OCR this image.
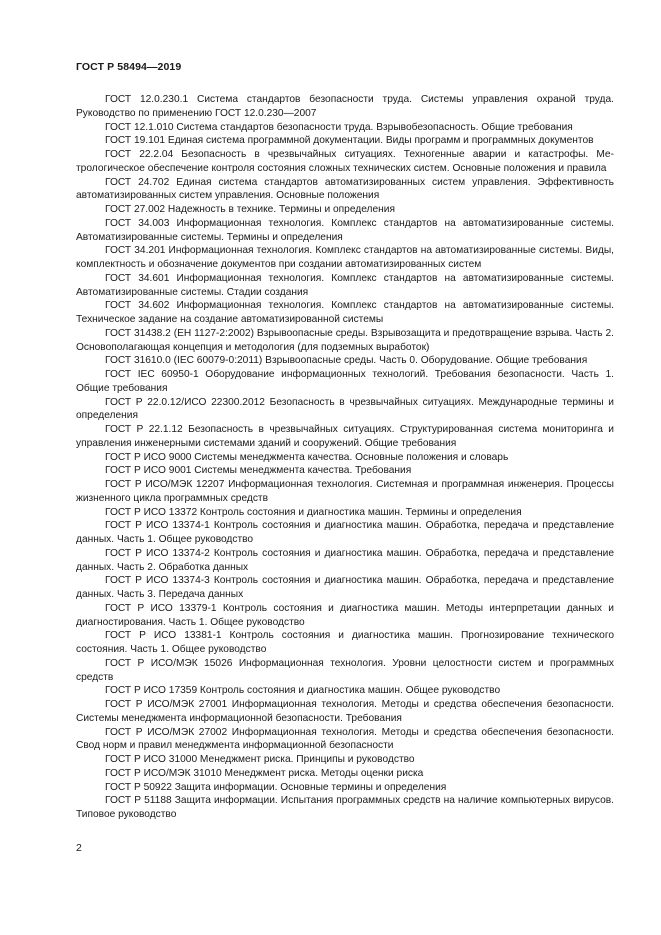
ГОСТ Р 58494—2019

ГОСТ 12.0.230.1 Система стандартов безопасности труда. Системы управления охраной труда. Руководство по применению ГОСТ 12.0.230—2007

ГОСТ 12.1.010 Система стандартов безопасности труда. Взрывобезопасность. Общие требования

ГОСТ 19.101 Единая система программной документации. Виды программ и программных документов

ГОСТ 22.2.04 Безопасность в чрезвычайных ситуациях. Техногенные аварии и катастрофы. Метрологическое обеспечение контроля состояния сложных технических систем. Основные положения и правила

ГОСТ 24.702 Единая система стандартов автоматизированных систем управления. Эффективность автоматизированных систем управления. Основные положения

ГОСТ 27.002 Надежность в технике. Термины и определения

ГОСТ 34.003 Информационная технология. Комплекс стандартов на автоматизированные системы. Автоматизированные системы. Термины и определения

ГОСТ 34.201 Информационная технология. Комплекс стандартов на автоматизированные системы. Виды, комплектность и обозначение документов при создании автоматизированных систем

ГОСТ 34.601 Информационная технология. Комплекс стандартов на автоматизированные системы. Автоматизированные системы. Стадии создания

ГОСТ 34.602 Информационная технология. Комплекс стандартов на автоматизированные системы. Техническое задание на создание автоматизированной системы

ГОСТ 31438.2 (EH 1127-2:2002) Взрывоопасные среды. Взрывозащита и предотвращение взрыва. Часть 2. Основополагающая концепция и методология (для подземных выработок)

ГОСТ 31610.0 (IEC 60079-0:2011) Взрывоопасные среды. Часть 0. Оборудование. Общие требования

ГОСТ IEC 60950-1 Оборудование информационных технологий. Требования безопасности. Часть 1. Общие требования

ГОСТ Р 22.0.12/ИСО 22300.2012 Безопасность в чрезвычайных ситуациях. Международные термины и определения

ГОСТ Р 22.1.12 Безопасность в чрезвычайных ситуациях. Структурированная система мониторинга и управления инженерными системами зданий и сооружений. Общие требования

ГОСТ Р ИСО 9000 Системы менеджмента качества. Основные положения и словарь

ГОСТ Р ИСО 9001 Системы менеджмента качества. Требования

ГОСТ Р ИСО/МЭК 12207 Информационная технология. Системная и программная инженерия. Процессы жизненного цикла программных средств

ГОСТ Р ИСО 13372 Контроль состояния и диагностика машин. Термины и определения

ГОСТ Р ИСО 13374-1 Контроль состояния и диагностика машин. Обработка, передача и представление данных. Часть 1. Общее руководство

ГОСТ Р ИСО 13374-2 Контроль состояния и диагностика машин. Обработка, передача и представление данных. Часть 2. Обработка данных

ГОСТ Р ИСО 13374-3 Контроль состояния и диагностика машин. Обработка, передача и представление данных. Часть 3. Передача данных

ГОСТ Р ИСО 13379-1 Контроль состояния и диагностика машин. Методы интерпретации данных и диагностирования. Часть 1. Общее руководство

ГОСТ Р ИСО 13381-1 Контроль состояния и диагностика машин. Прогнозирование технического состояния. Часть 1. Общее руководство

ГОСТ Р ИСО/МЭК 15026 Информационная технология. Уровни целостности систем и программных средств

ГОСТ Р ИСО 17359 Контроль состояния и диагностика машин. Общее руководство

ГОСТ Р ИСО/МЭК 27001 Информационная технология. Методы и средства обеспечения безопасности. Системы менеджмента информационной безопасности. Требования

ГОСТ Р ИСО/МЭК 27002 Информационная технология. Методы и средства обеспечения безопасности. Свод норм и правил менеджмента информационной безопасности

ГОСТ Р ИСО 31000 Менеджмент риска. Принципы и руководство

ГОСТ Р ИСО/МЭК 31010 Менеджмент риска. Методы оценки риска

ГОСТ Р 50922 Защита информации. Основные термины и определения

ГОСТ Р 51188 Защита информации. Испытания программных средств на наличие компьютерных вирусов. Типовое руководство

2
